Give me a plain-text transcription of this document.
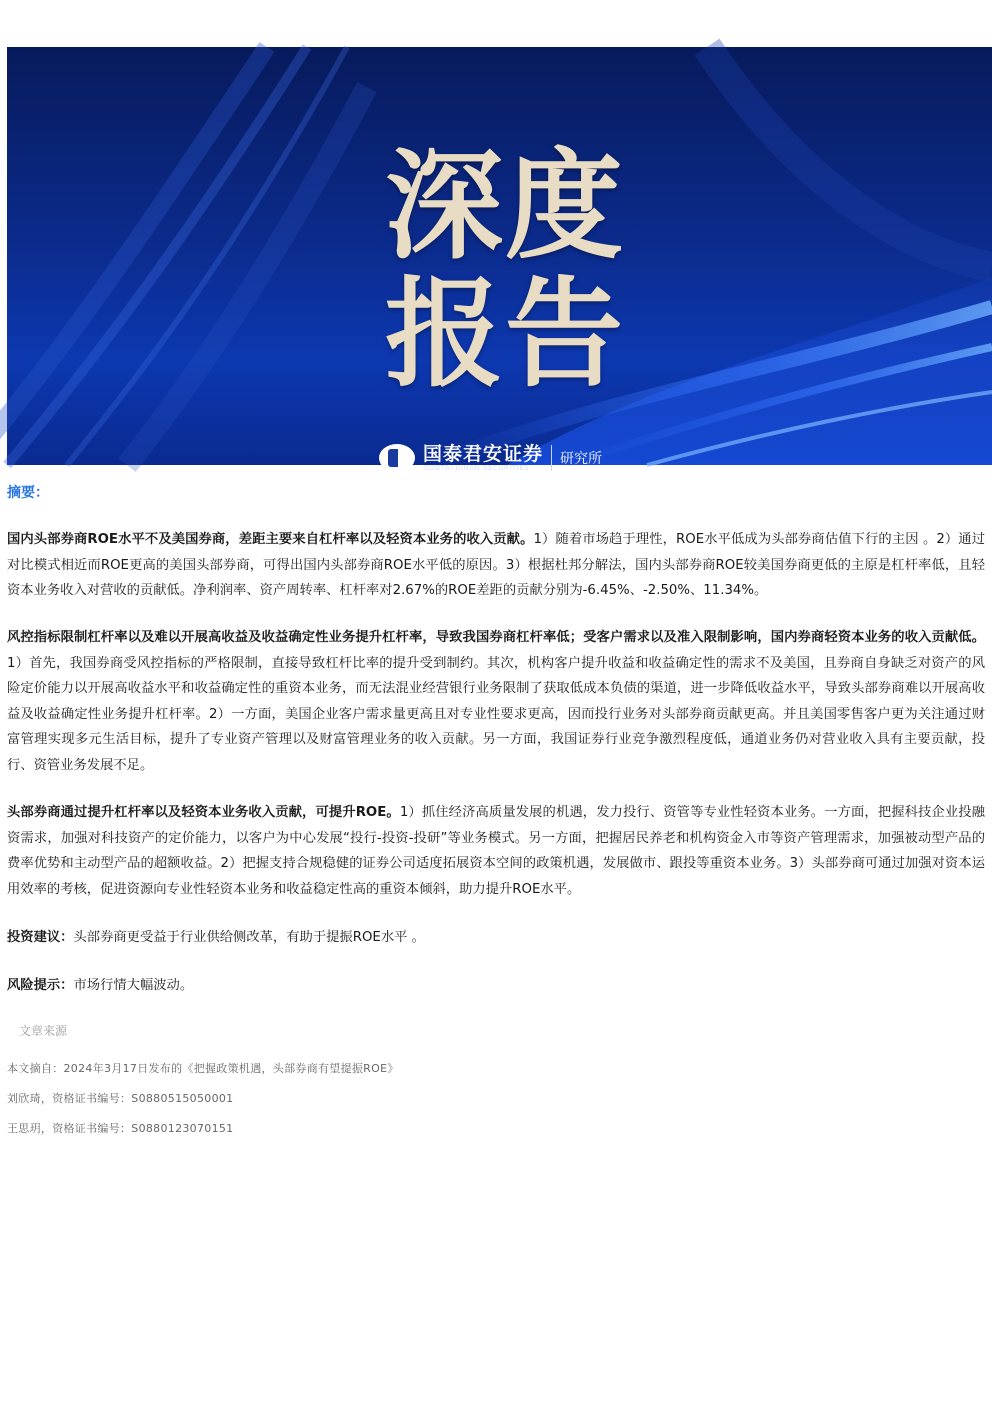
深度
报告
国泰君安证券
GUOTAI JUNAN SECURITIES
研究所
摘要：

国内头部券商ROE水平不及美国券商，差距主要来自杠杆率以及轻资本业务的收入贡献。1）随着市场趋于理性，ROE水平低成为头部券商估值下行的主因 。2）通过对比模式相近而ROE更高的美国头部券商，可得出国内头部券商ROE水平低的原因。3）根据杜邦分解法，国内头部券商ROE较美国券商更低的主原是杠杆率低，且轻资本业务收入对营收的贡献低。净利润率、资产周转率、杠杆率对2.67%的ROE差距的贡献分别为-6.45%、-2.50%、11.34%。

风控指标限制杠杆率以及难以开展高收益及收益确定性业务提升杠杆率，导致我国券商杠杆率低；受客户需求以及准入限制影响，国内券商轻资本业务的收入贡献低。1）首先，我国券商受风控指标的严格限制，直接导致杠杆比率的提升受到制约。其次，机构客户提升收益和收益确定性的需求不及美国，且券商自身缺乏对资产的风险定价能力以开展高收益水平和收益确定性的重资本业务，而无法混业经营银行业务限制了获取低成本负债的渠道，进一步降低收益水平，导致头部券商难以开展高收益及收益确定性业务提升杠杆率。2）一方面，美国企业客户需求量更高且对专业性要求更高，因而投行业务对头部券商贡献更高。并且美国零售客户更为关注通过财富管理实现多元生活目标，提升了专业资产管理以及财富管理业务的收入贡献。另一方面，我国证券行业竞争激烈程度低，通道业务仍对营业收入具有主要贡献，投行、资管业务发展不足。

头部券商通过提升杠杆率以及轻资本业务收入贡献，可提升ROE。1）抓住经济高质量发展的机遇，发力投行、资管等专业性轻资本业务。一方面，把握科技企业投融资需求，加强对科技资产的定价能力，以客户为中心发展“投行-投资-投研”等业务模式。另一方面，把握居民养老和机构资金入市等资产管理需求，加强被动型产品的费率优势和主动型产品的超额收益。2）把握支持合规稳健的证券公司适度拓展资本空间的政策机遇，发展做市、跟投等重资本业务。3）头部券商可通过加强对资本运用效率的考核，促进资源向专业性轻资本业务和收益稳定性高的重资本倾斜，助力提升ROE水平。

投资建议：头部券商更受益于行业供给侧改革，有助于提振ROE水平 。

风险提示：市场行情大幅波动。

文章来源
本文摘自：2024年3月17日发布的《把握政策机遇，头部券商有望提振ROE》
刘欣琦，资格证书编号：S0880515050001
王思玥，资格证书编号：S0880123070151
